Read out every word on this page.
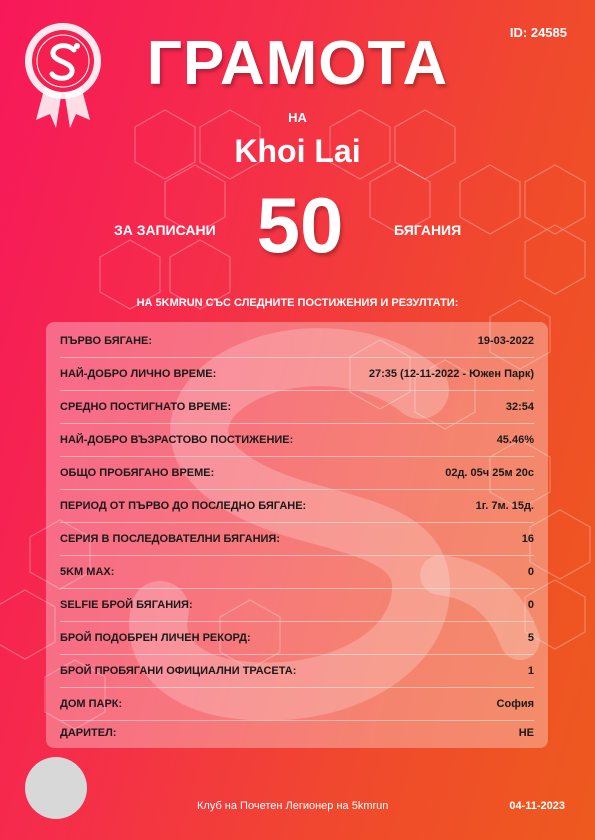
ID: 24585
ГРАМОТА
НА
Khoi Lai
ЗА ЗАПИСАНИ 50	БЯГАНИЯ
НА 5KMRUN СЪС СЛЕДНИТЕ ПОСТИЖЕНИЯ И РЕЗУЛТАТИ:
ПЪРВО БЯГАНЕ:	19-03-2022
НАЙ-ДОБРО ЛИЧНО ВРЕМЕ:	27:35 (12-11-2022 - Южен Парк)
СРЕДНО ПОСТИГНАТО ВРЕМЕ:	32:54
НАЙ-ДОБРО ВЪЗРАСТОВО ПОСТИЖЕНИЕ:	45.46%
ОБЩО ПРОБЯГАНО ВРЕМЕ:	02д. 05ч 25м 20с
ПЕРИОД ОТ ПЪРВО ДО ПОСЛЕДНО БЯГАНЕ:	1г. 7м. 15д.
СЕРИЯ В ПОСЛЕДОВАТЕЛНИ БЯГАНИЯ:	16
5KM MAX:	0
SELFIE БРОЙ БЯГАНИЯ:	0
БРОЙ ПОДОБРЕН ЛИЧЕН РЕКОРД:	5
БРОЙ ПРОБЯГАНИ ОФИЦИАЛНИ ТРАСЕТА:	1
ДОМ ПАРК:	София
ДАРИТЕЛ:	НЕ
Клуб на Почетен Легионер на 5kmrun	04-11-2023
